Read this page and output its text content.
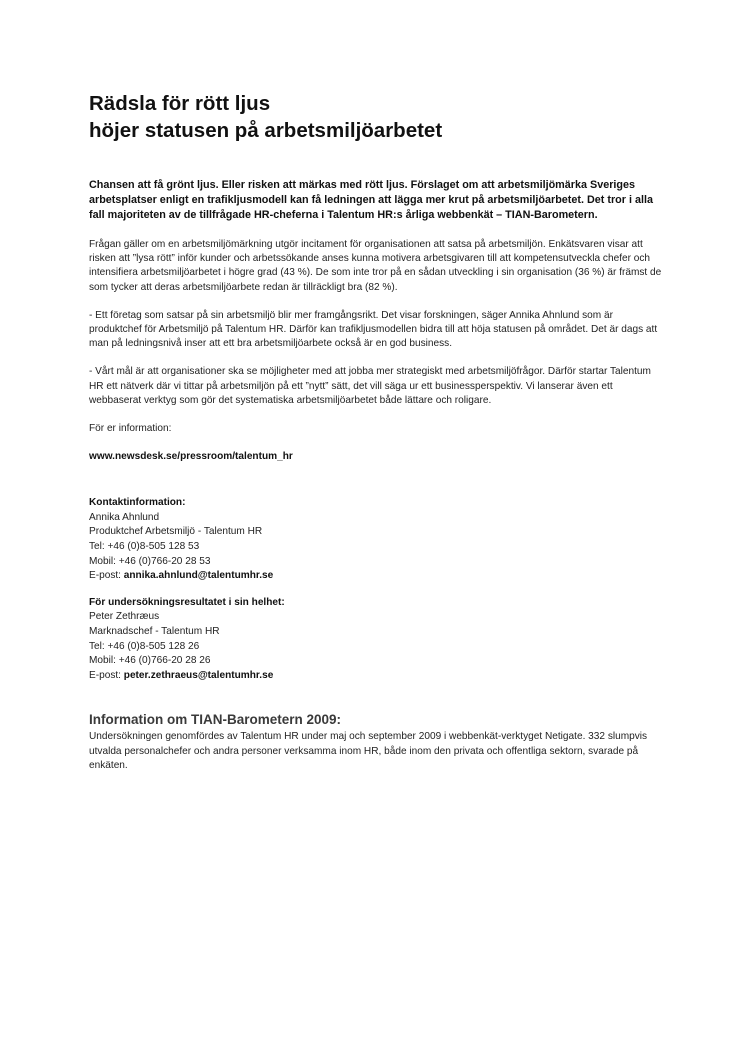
Rädsla för rött ljus
höjer statusen på arbetsmiljöarbetet

Chansen att få grönt ljus. Eller risken att märkas med rött ljus. Förslaget om att arbetsmiljömärka Sveriges arbetsplatser enligt en trafikljusmodell kan få ledningen att lägga mer krut på arbetsmiljöarbetet. Det tror i alla fall majoriteten av de tillfrågade HR-cheferna i Talentum HR:s årliga webbenkät – TIAN-Barometern.

Frågan gäller om en arbetsmiljömärkning utgör incitament för organisationen att satsa på arbetsmiljön. Enkätsvaren visar att risken att ”lysa rött” inför kunder och arbetssökande anses kunna motivera arbetsgivaren till att kompetensutveckla chefer och intensifiera arbetsmiljöarbetet i högre grad (43 %). De som inte tror på en sådan utveckling i sin organisation (36 %) är främst de som tycker att deras arbetsmiljöarbete redan är tillräckligt bra (82 %).

- Ett företag som satsar på sin arbetsmiljö blir mer framgångsrikt. Det visar forskningen, säger Annika Ahnlund som är produktchef för Arbetsmiljö på Talentum HR. Därför kan trafikljusmodellen bidra till att höja statusen på området. Det är dags att man på ledningsnivå inser att ett bra arbetsmiljöarbete också är en god business.

- Vårt mål är att organisationer ska se möjligheter med att jobba mer strategiskt med arbetsmiljöfrågor. Därför startar Talentum HR ett nätverk där vi tittar på arbetsmiljön på ett ”nytt” sätt, det vill säga ur ett businessperspektiv. Vi lanserar även ett webbaserat verktyg som gör det systematiska arbetsmiljöarbetet både lättare och roligare.

För er information:

www.newsdesk.se/pressroom/talentum_hr

Kontaktinformation:
Annika Ahnlund
Produktchef Arbetsmiljö - Talentum HR
Tel: +46 (0)8-505 128 53
Mobil: +46 (0)766-20 28 53
E-post: annika.ahnlund@talentumhr.se
För undersökningsresultatet i sin helhet:
Peter Zethræus
Marknadschef - Talentum HR
Tel: +46 (0)8-505 128 26
Mobil: +46 (0)766-20 28 26
E-post: peter.zethraeus@talentumhr.se
Information om TIAN-Barometern 2009:

Undersökningen genomfördes av Talentum HR under maj och september 2009 i webbenkät-verktyget Netigate. 332 slumpvis utvalda personalchefer och andra personer verksamma inom HR, både inom den privata och offentliga sektorn, svarade på enkäten.
